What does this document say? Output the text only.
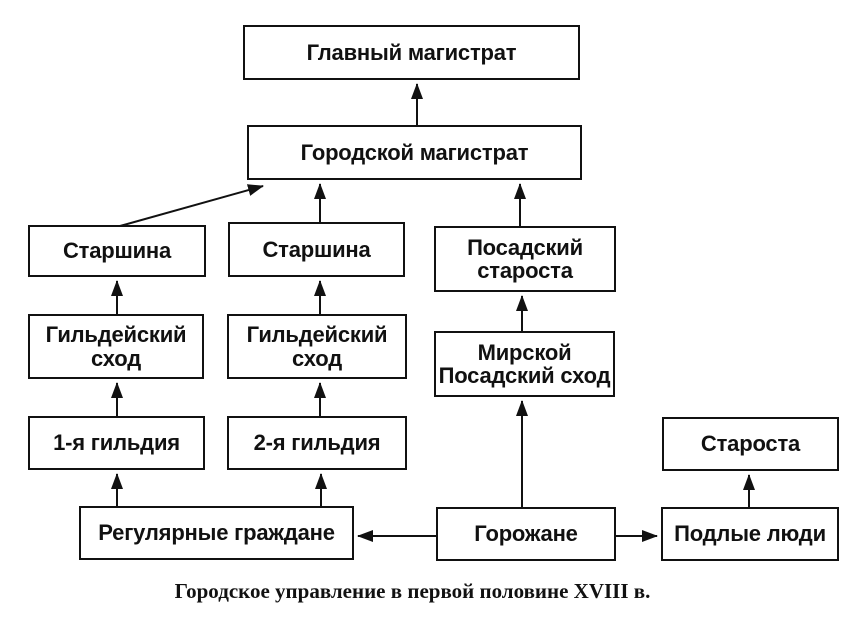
Главный магистрат
Городской магистрат
Старшина	Старшина	Посадский
староста
Гильдейский
сход
Гильдейский
сход	Мирской
Посадский сход
1-я гильдия	2-я гильдия	Староста
Регулярные граждане	Горожане	Подлые люди
Городское управление в первой половине XVIII в.
